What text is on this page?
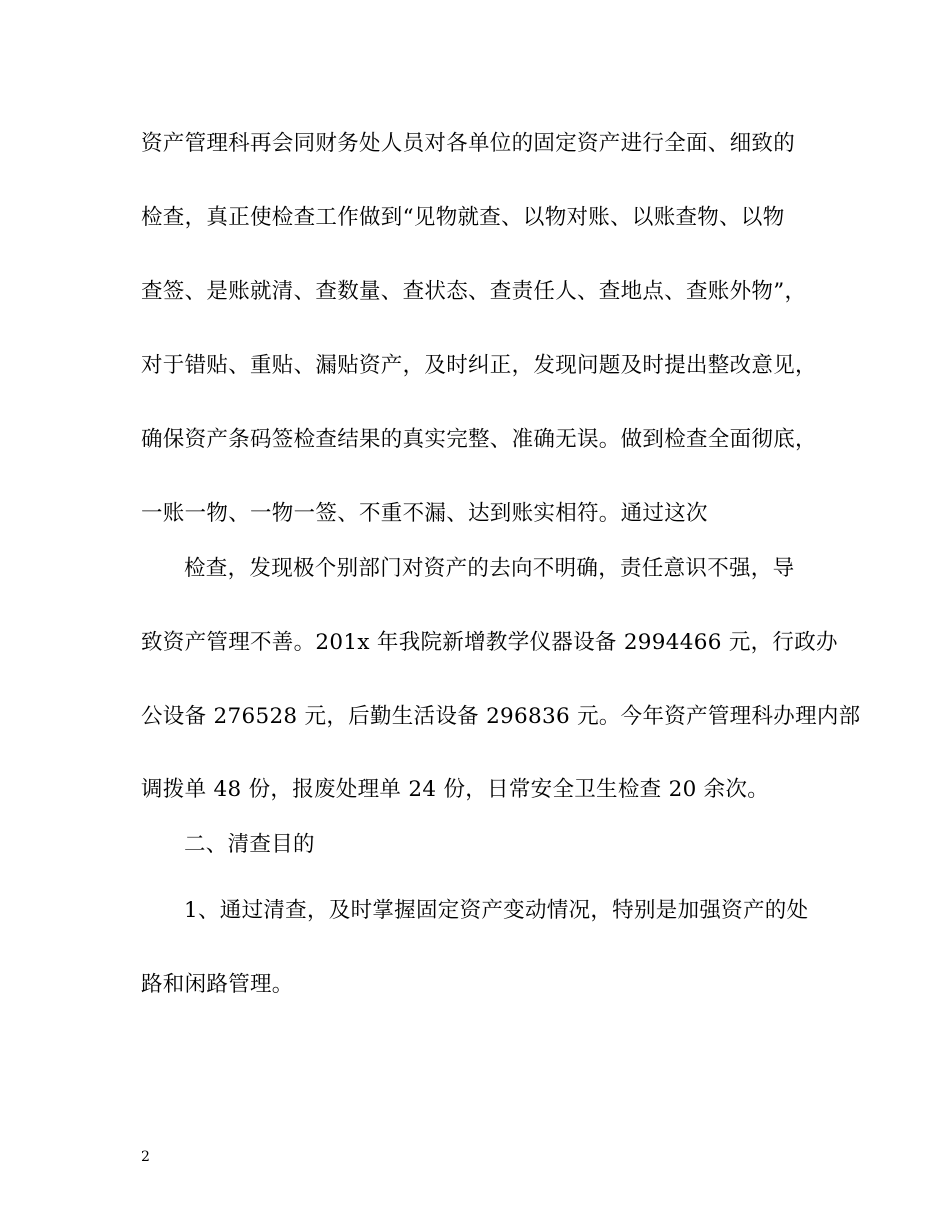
资产管理科再会同财务处人员对各单位的固定资产进行全面、细致的
检查，真正使检查工作做到“见物就查、以物对账、以账查物、以物
查签、是账就清、查数量、查状态、查责任人、查地点、查账外物”，
对于错贴、重贴、漏贴资产，及时纠正，发现问题及时提出整改意见，
确保资产条码签检查结果的真实完整、准确无误。做到检查全面彻底，
一账一物、一物一签、不重不漏、达到账实相符。通过这次
检查，发现极个别部门对资产的去向不明确，责任意识不强，导
致资产管理不善。201x 年我院新增教学仪器设备 2994466 元，行政办
公设备 276528 元，后勤生活设备 296836 元。今年资产管理科办理内部
调拨单 48 份，报废处理单 24 份，日常安全卫生检查 20 余次。
二、清查目的
1、通过清查，及时掌握固定资产变动情况，特别是加强资产的处
路和闲路管理。
2
